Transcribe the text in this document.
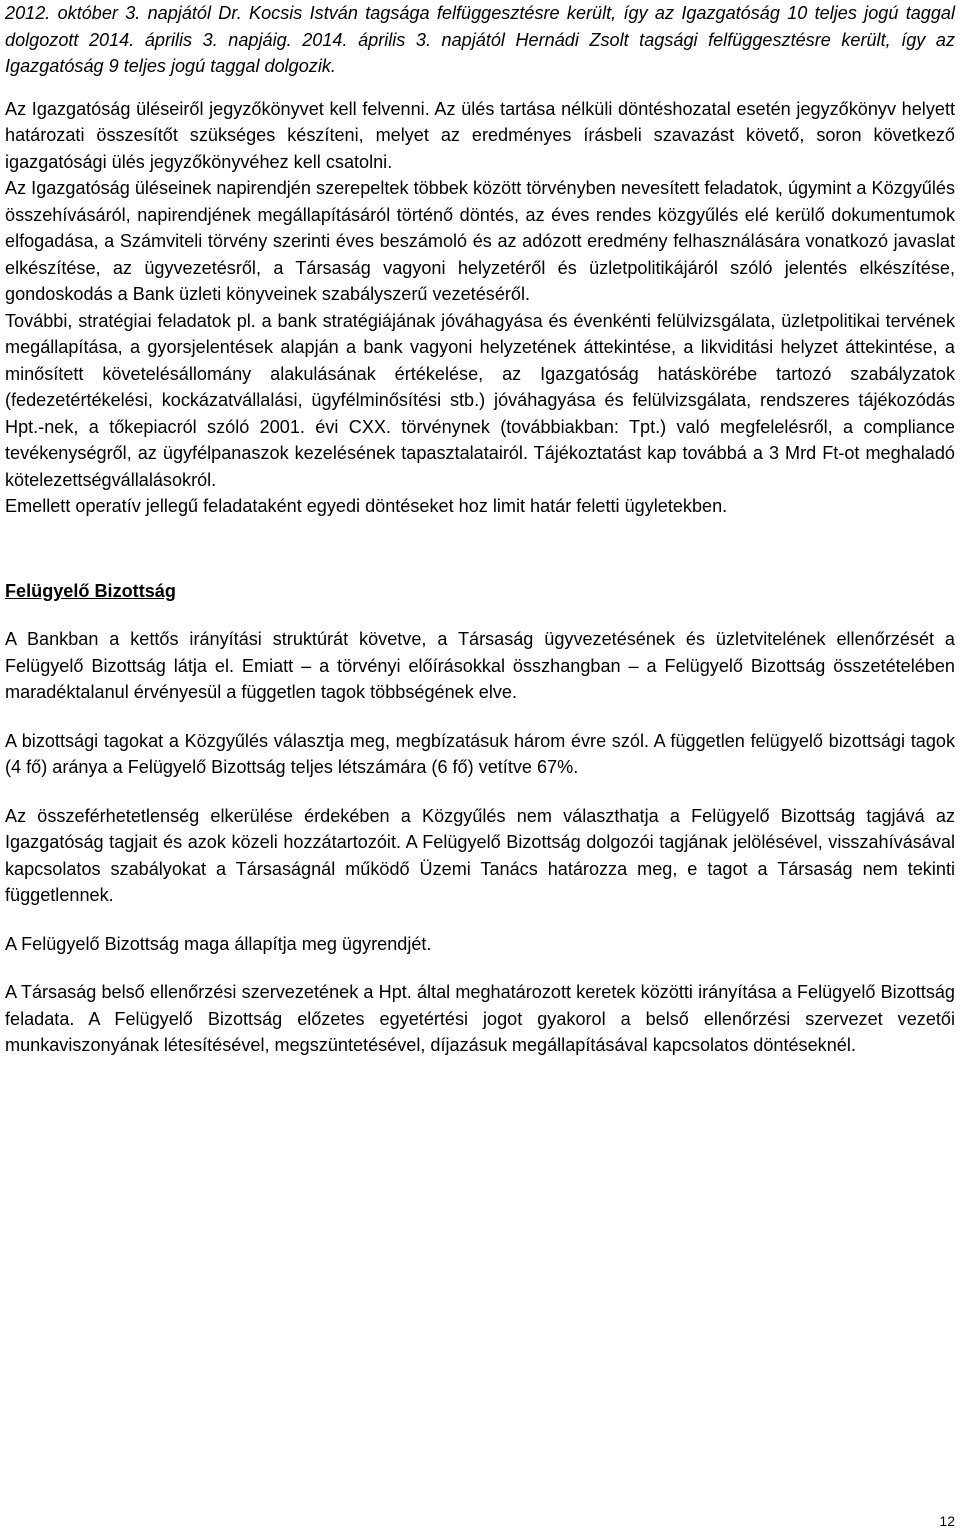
2012. október 3. napjától Dr. Kocsis István tagsága felfüggesztésre került, így az Igazgatóság 10 teljes jogú taggal dolgozott 2014. április 3. napjáig. 2014. április 3. napjától Hernádi Zsolt tagsági felfüggesztésre került, így az Igazgatóság 9 teljes jogú taggal dolgozik.

Az Igazgatóság üléseiről jegyzőkönyvet kell felvenni. Az ülés tartása nélküli döntéshozatal esetén jegyzőkönyv helyett határozati összesítőt szükséges készíteni, melyet az eredményes írásbeli szavazást követő, soron következő igazgatósági ülés jegyzőkönyvéhez kell csatolni.

Az Igazgatóság üléseinek napirendjén szerepeltek többek között törvényben nevesített feladatok, úgymint a Közgyűlés összehívásáról, napirendjének megállapításáról történő döntés, az éves rendes közgyűlés elé kerülő dokumentumok elfogadása, a Számviteli törvény szerinti éves beszámoló és az adózott eredmény felhasználására vonatkozó javaslat elkészítése, az ügyvezetésről, a Társaság vagyoni helyzetéről és üzletpolitikájáról szóló jelentés elkészítése, gondoskodás a Bank üzleti könyveinek szabályszerű vezetéséről.

További, stratégiai feladatok pl. a bank stratégiájának jóváhagyása és évenkénti felülvizsgálata, üzletpolitikai tervének megállapítása, a gyorsjelentések alapján a bank vagyoni helyzetének áttekintése, a likviditási helyzet áttekintése, a minősített követelésállomány alakulásának értékelése, az Igazgatóság hatáskörébe tartozó szabályzatok (fedezetértékelési, kockázatvállalási, ügyfélminősítési stb.) jóváhagyása és felülvizsgálata, rendszeres tájékozódás Hpt.-nek, a tőkepiacról szóló 2001. évi CXX. törvénynek (továbbiakban: Tpt.) való megfelelésről, a compliance tevékenységről, az ügyfélpanaszok kezelésének tapasztalatairól. Tájékoztatást kap továbbá a 3 Mrd Ft-ot meghaladó kötelezettségvállalásokról.

Emellett operatív jellegű feladataként egyedi döntéseket hoz limit határ feletti ügyletekben.

Felügyelő Bizottság

A Bankban a kettős irányítási struktúrát követve, a Társaság ügyvezetésének és üzletvitelének ellenőrzését a Felügyelő Bizottság látja el. Emiatt – a törvényi előírásokkal összhangban – a Felügyelő Bizottság összetételében maradéktalanul érvényesül a független tagok többségének elve.

A bizottsági tagokat a Közgyűlés választja meg, megbízatásuk három évre szól. A független felügyelő bizottsági tagok (4 fő) aránya a Felügyelő Bizottság teljes létszámára (6 fő) vetítve 67%.

Az összeférhetetlenség elkerülése érdekében a Közgyűlés nem választhatja a Felügyelő Bizottság tagjává az Igazgatóság tagjait és azok közeli hozzátartozóit. A Felügyelő Bizottság dolgozói tagjának jelölésével, visszahívásával kapcsolatos szabályokat a Társaságnál működő Üzemi Tanács határozza meg, e tagot a Társaság nem tekinti függetlennek.

A Felügyelő Bizottság maga állapítja meg ügyrendjét.

A Társaság belső ellenőrzési szervezetének a Hpt. által meghatározott keretek közötti irányítása a Felügyelő Bizottság feladata. A Felügyelő Bizottság előzetes egyetértési jogot gyakorol a belső ellenőrzési szervezet vezetői munkaviszonyának létesítésével, megszüntetésével, díjazásuk megállapításával kapcsolatos döntéseknél.

12
